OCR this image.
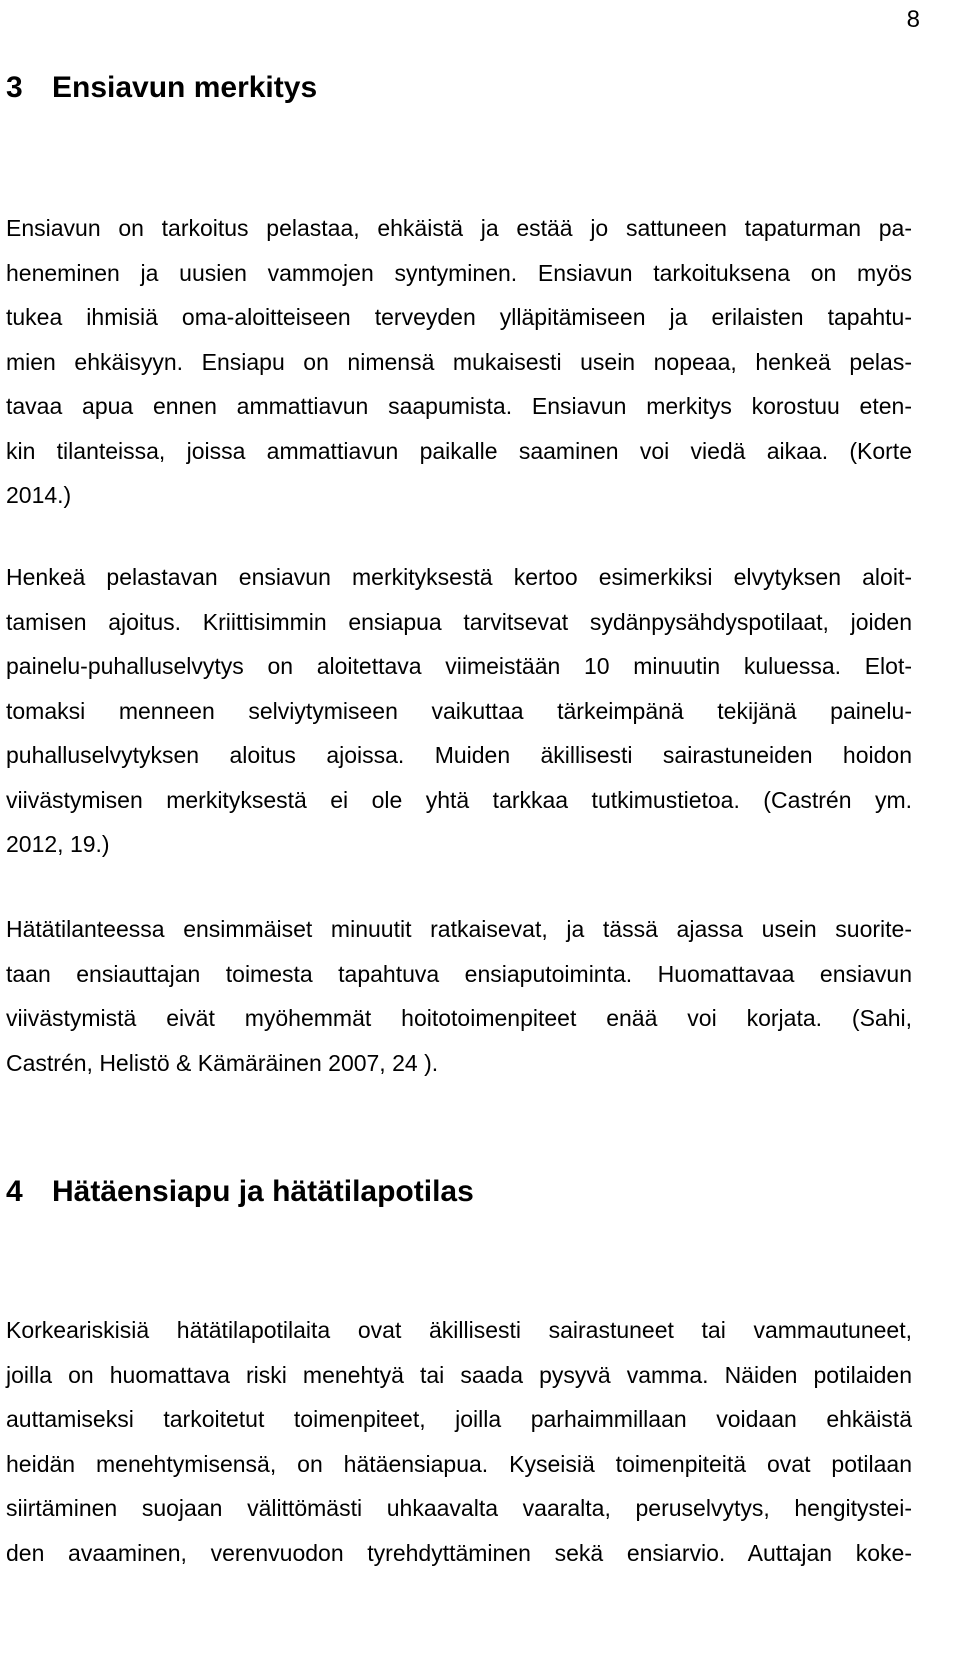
8
3 Ensiavun merkitys
Ensiavun on tarkoitus pelastaa, ehkäistä ja estää jo sattuneen tapaturman pa-
heneminen ja uusien vammojen syntyminen. Ensiavun tarkoituksena on myös
tukea ihmisiä oma-aloitteiseen terveyden ylläpitämiseen ja erilaisten tapahtu-
mien ehkäisyyn. Ensiapu on nimensä mukaisesti usein nopeaa, henkeä pelas-
tavaa apua ennen ammattiavun saapumista. Ensiavun merkitys korostuu eten-
kin tilanteissa, joissa ammattiavun paikalle saaminen voi viedä aikaa. (Korte
2014.)
Henkeä pelastavan ensiavun merkityksestä kertoo esimerkiksi elvytyksen aloit-
tamisen ajoitus. Kriittisimmin ensiapua tarvitsevat sydänpysähdyspotilaat, joiden
painelu-puhalluselvytys on aloitettava viimeistään 10 minuutin kuluessa. Elot-
tomaksi menneen selviytymiseen vaikuttaa tärkeimpänä tekijänä painelu-
puhalluselvytyksen aloitus ajoissa. Muiden äkillisesti sairastuneiden hoidon
viivästymisen merkityksestä ei ole yhtä tarkkaa tutkimustietoa. (Castrén ym.
2012, 19.)
Hätätilanteessa ensimmäiset minuutit ratkaisevat, ja tässä ajassa usein suorite-
taan ensiauttajan toimesta tapahtuva ensiaputoiminta. Huomattavaa ensiavun
viivästymistä eivät myöhemmät hoitotoimenpiteet enää voi korjata. (Sahi,
Castrén, Helistö & Kämäräinen 2007, 24 ).
4 Hätäensiapu ja hätätilapotilas
Korkeariskisiä hätätilapotilaita ovat äkillisesti sairastuneet tai vammautuneet,
joilla on huomattava riski menehtyä tai saada pysyvä vamma. Näiden potilaiden
auttamiseksi tarkoitetut toimenpiteet, joilla parhaimmillaan voidaan ehkäistä
heidän menehtymisensä, on hätäensiapua. Kyseisiä toimenpiteitä ovat potilaan
siirtäminen suojaan välittömästi uhkaavalta vaaralta, peruselvytys, hengitystei-
den avaaminen, verenvuodon tyrehdyttäminen sekä ensiarvio. Auttajan koke-
